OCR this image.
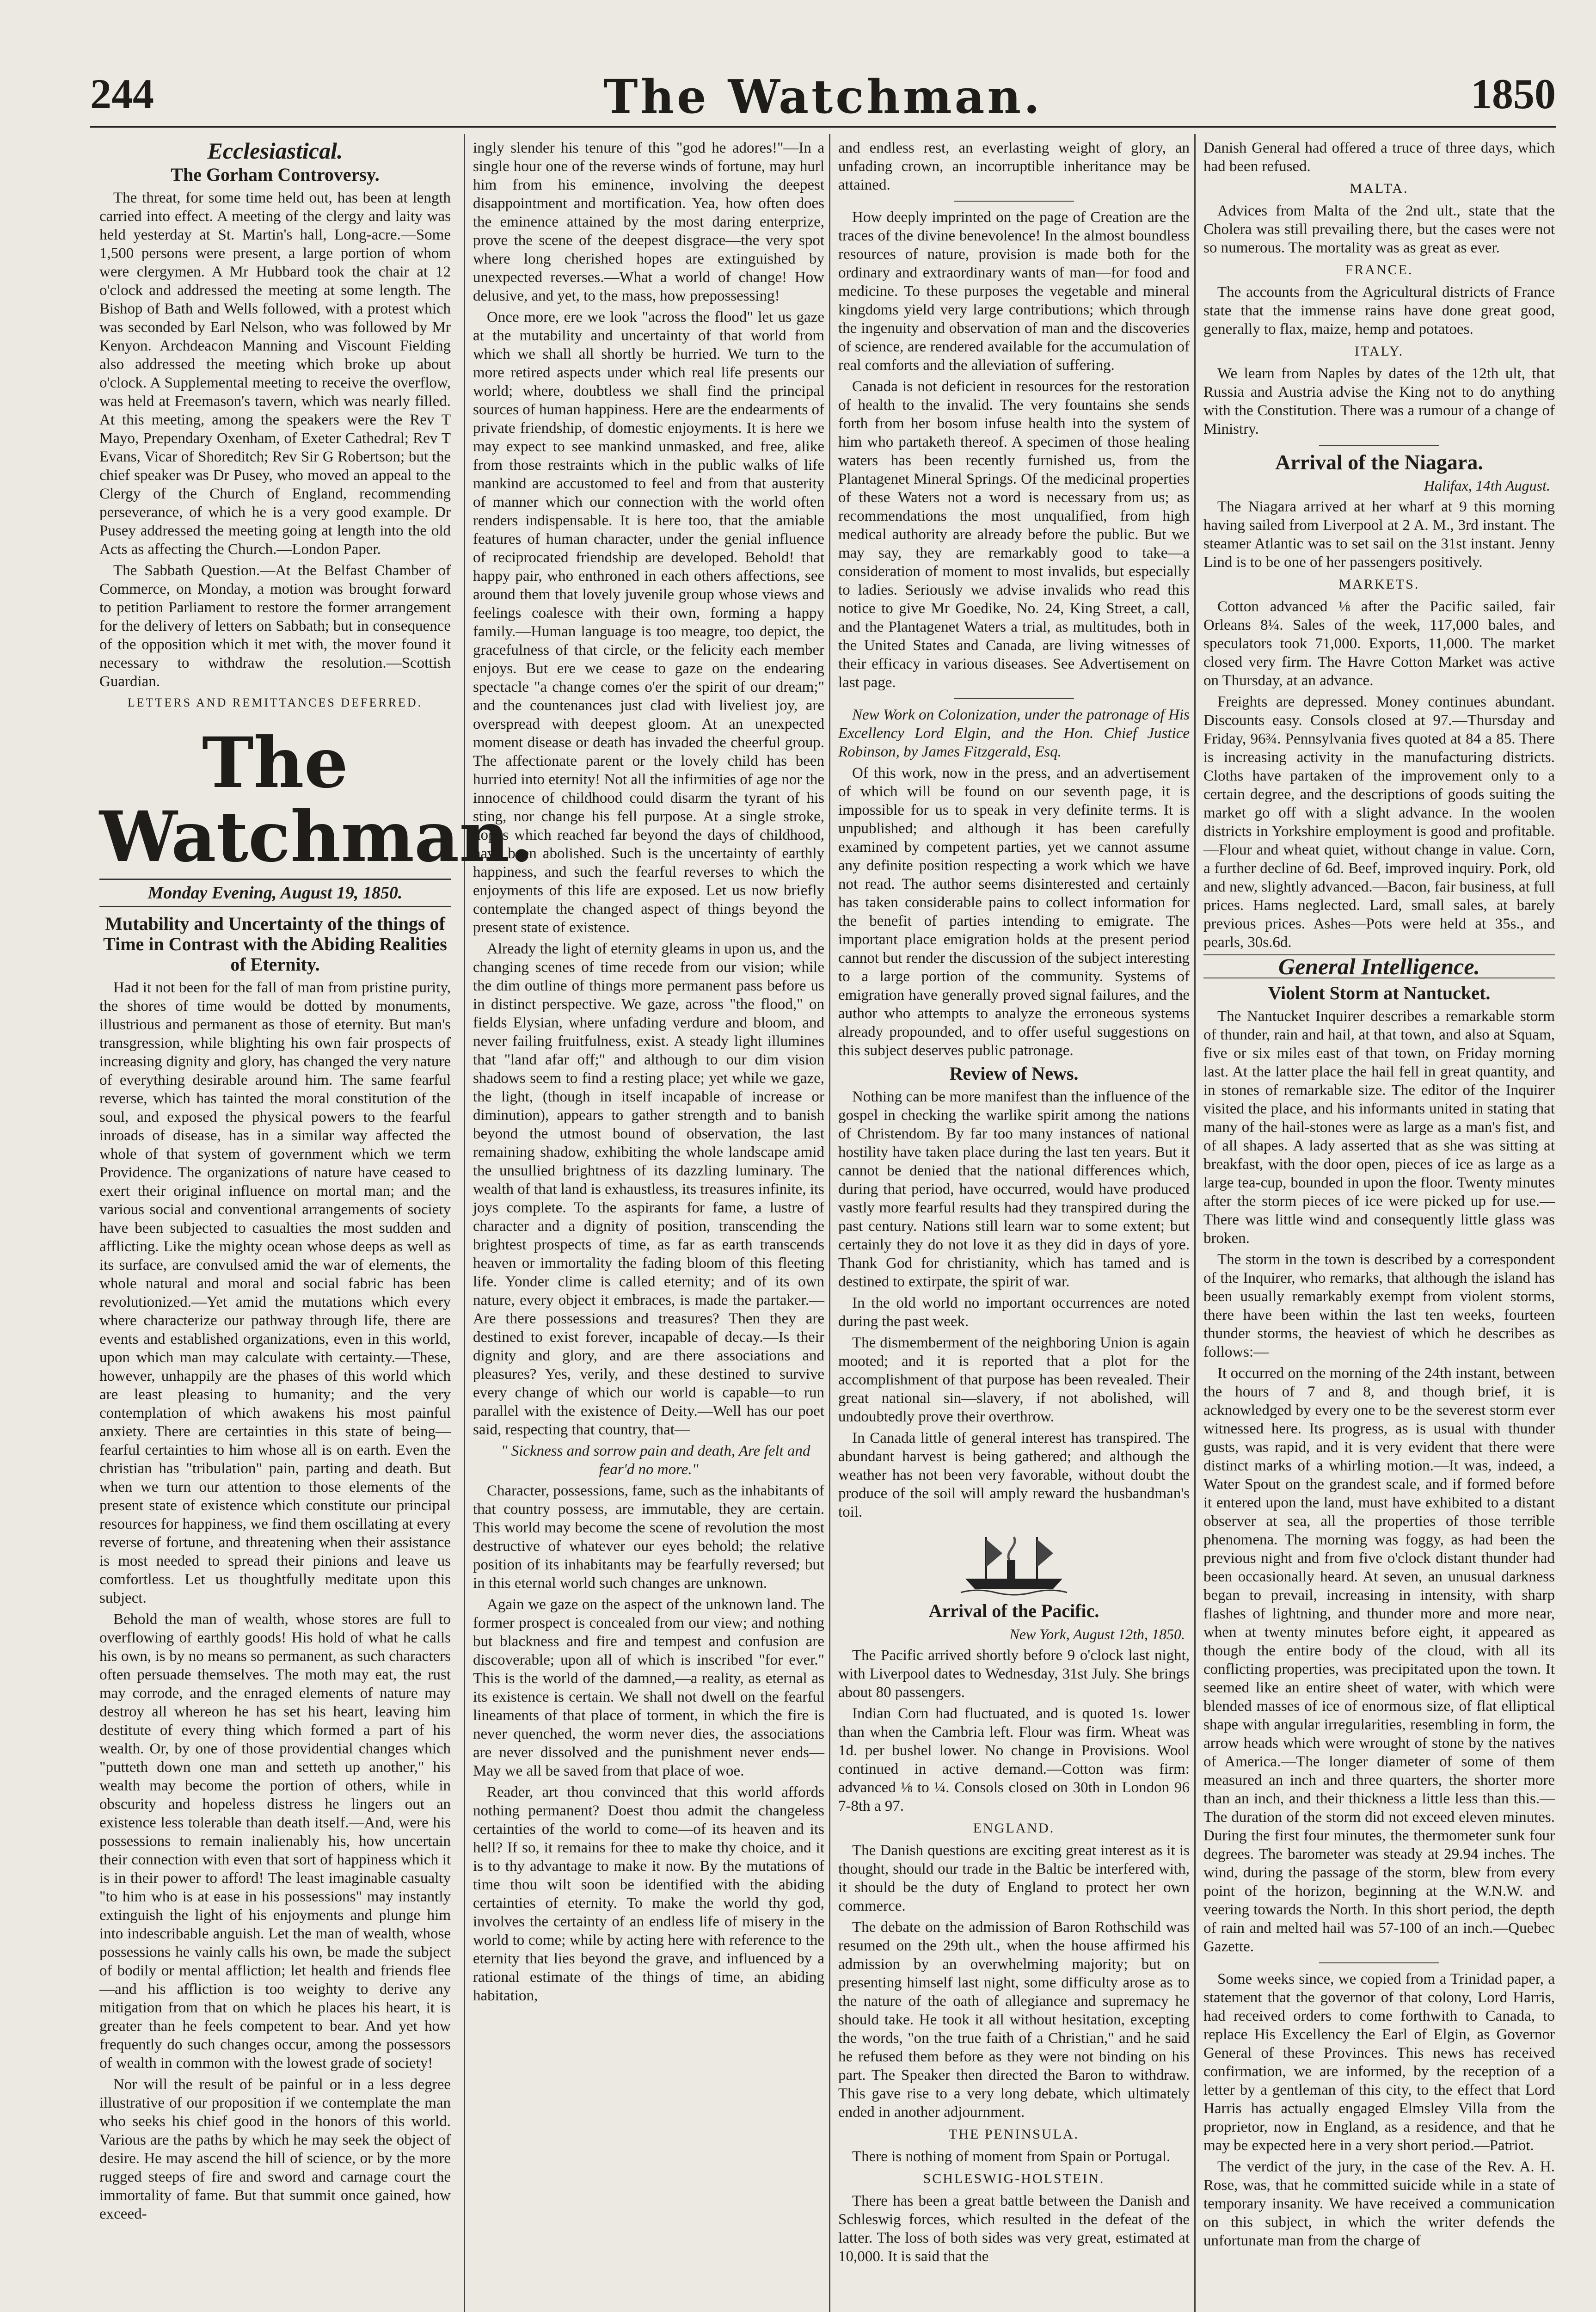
244	The Watchman.	1850
Ecclesiastical.
The Gorham Controversy.

The threat, for some time held out, has been at length carried into effect. A meeting of the clergy and laity was held yesterday at St. Martin's hall, Long-acre.—Some 1,500 persons were present, a large portion of whom were clergymen. A Mr Hubbard took the chair at 12 o'clock and addressed the meeting at some length. The Bishop of Bath and Wells followed, with a protest which was seconded by Earl Nelson, who was followed by Mr Kenyon. Archdeacon Manning and Viscount Fielding also addressed the meeting which broke up about o'clock. A Supplemental meeting to receive the overflow, was held at Freemason's tavern, which was nearly filled. At this meeting, among the speakers were the Rev T Mayo, Prependary Oxenham, of Exeter Cathedral; Rev T Evans, Vicar of Shoreditch; Rev Sir G Robertson; but the chief speaker was Dr Pusey, who moved an appeal to the Clergy of the Church of England, recommending perseverance, of which he is a very good example. Dr Pusey addressed the meeting going at length into the old Acts as affecting the Church.—London Paper.

The Sabbath Question.—At the Belfast Chamber of Commerce, on Monday, a motion was brought forward to petition Parliament to restore the former arrangement for the delivery of letters on Sabbath; but in consequence of the opposition which it met with, the mover found it necessary to withdraw the resolution.—Scottish Guardian.

LETTERS AND REMITTANCES DEFERRED.
The Watchman.
Monday Evening, August 19, 1850.
Mutability and Uncertainty of the things of Time in Contrast with the Abiding Realities of Eternity.

Had it not been for the fall of man from pristine purity, the shores of time would be dotted by monuments, illustrious and permanent as those of eternity. But man's transgression, while blighting his own fair prospects of increasing dignity and glory, has changed the very nature of everything desirable around him. The same fearful reverse, which has tainted the moral constitution of the soul, and exposed the physical powers to the fearful inroads of disease, has in a similar way affected the whole of that system of government which we term Providence. The organizations of nature have ceased to exert their original influence on mortal man; and the various social and conventional arrangements of society have been subjected to casualties the most sudden and afflicting. Like the mighty ocean whose deeps as well as its surface, are convulsed amid the war of elements, the whole natural and moral and social fabric has been revolutionized.—Yet amid the mutations which every where characterize our pathway through life, there are events and established organizations, even in this world, upon which man may calculate with certainty.—These, however, unhappily are the phases of this world which are least pleasing to humanity; and the very contemplation of which awakens his most painful anxiety. There are certainties in this state of being—fearful certainties to him whose all is on earth. Even the christian has "tribulation" pain, parting and death. But when we turn our attention to those elements of the present state of existence which constitute our principal resources for happiness, we find them oscillating at every reverse of fortune, and threatening when their assistance is most needed to spread their pinions and leave us comfortless. Let us thoughtfully meditate upon this subject.

Behold the man of wealth, whose stores are full to overflowing of earthly goods! His hold of what he calls his own, is by no means so permanent, as such characters often persuade themselves. The moth may eat, the rust may corrode, and the enraged elements of nature may destroy all whereon he has set his heart, leaving him destitute of every thing which formed a part of his wealth. Or, by one of those providential changes which "putteth down one man and setteth up another," his wealth may become the portion of others, while in obscurity and hopeless distress he lingers out an existence less tolerable than death itself.—And, were his possessions to remain inalienably his, how uncertain their connection with even that sort of happiness which it is in their power to afford! The least imaginable casualty "to him who is at ease in his possessions" may instantly extinguish the light of his enjoyments and plunge him into indescribable anguish. Let the man of wealth, whose possessions he vainly calls his own, be made the subject of bodily or mental affliction; let health and friends flee—and his affliction is too weighty to derive any mitigation from that on which he places his heart, it is greater than he feels competent to bear. And yet how frequently do such changes occur, among the possessors of wealth in common with the lowest grade of society!

Nor will the result of be painful or in a less degree illustrative of our proposition if we contemplate the man who seeks his chief good in the honors of this world. Various are the paths by which he may seek the object of desire. He may ascend the hill of science, or by the more rugged steeps of fire and sword and carnage court the immortality of fame. But that summit once gained, how exceed-

ingly slender his tenure of this "god he adores!"—In a single hour one of the reverse winds of fortune, may hurl him from his eminence, involving the deepest disappointment and mortification. Yea, how often does the eminence attained by the most daring enterprize, prove the scene of the deepest disgrace—the very spot where long cherished hopes are extinguished by unexpected reverses.—What a world of change! How delusive, and yet, to the mass, how prepossessing!

Once more, ere we look "across the flood" let us gaze at the mutability and uncertainty of that world from which we shall all shortly be hurried. We turn to the more retired aspects under which real life presents our world; where, doubtless we shall find the principal sources of human happiness. Here are the endearments of private friendship, of domestic enjoyments. It is here we may expect to see mankind unmasked, and free, alike from those restraints which in the public walks of life mankind are accustomed to feel and from that austerity of manner which our connection with the world often renders indispensable. It is here too, that the amiable features of human character, under the genial influence of reciprocated friendship are developed. Behold! that happy pair, who enthroned in each others affections, see around them that lovely juvenile group whose views and feelings coalesce with their own, forming a happy family.—Human language is too meagre, too depict, the gracefulness of that circle, or the felicity each member enjoys. But ere we cease to gaze on the endearing spectacle "a change comes o'er the spirit of our dream;" and the countenances just clad with liveliest joy, are overspread with deepest gloom. At an unexpected moment disease or death has invaded the cheerful group. The affectionate parent or the lovely child has been hurried into eternity! Not all the infirmities of age nor the innocence of childhood could disarm the tyrant of his sting, nor change his fell purpose. At a single stroke, hopes which reached far beyond the days of childhood, have been abolished. Such is the uncertainty of earthly happiness, and such the fearful reverses to which the enjoyments of this life are exposed. Let us now briefly contemplate the changed aspect of things beyond the present state of existence.

Already the light of eternity gleams in upon us, and the changing scenes of time recede from our vision; while the dim outline of things more permanent pass before us in distinct perspective. We gaze, across "the flood," on fields Elysian, where unfading verdure and bloom, and never failing fruitfulness, exist. A steady light illumines that "land afar off;" and although to our dim vision shadows seem to find a resting place; yet while we gaze, the light, (though in itself incapable of increase or diminution), appears to gather strength and to banish beyond the utmost bound of observation, the last remaining shadow, exhibiting the whole landscape amid the unsullied brightness of its dazzling luminary. The wealth of that land is exhaustless, its treasures infinite, its joys complete. To the aspirants for fame, a lustre of character and a dignity of position, transcending the brightest prospects of time, as far as earth transcends heaven or immortality the fading bloom of this fleeting life. Yonder clime is called eternity; and of its own nature, every object it embraces, is made the partaker.—Are there possessions and treasures? Then they are destined to exist forever, incapable of decay.—Is their dignity and glory, and are there associations and pleasures? Yes, verily, and these destined to survive every change of which our world is capable—to run parallel with the existence of Deity.—Well has our poet said, respecting that country, that—

" Sickness and sorrow pain and death, Are felt and fear'd no more."

Character, possessions, fame, such as the inhabitants of that country possess, are immutable, they are certain. This world may become the scene of revolution the most destructive of whatever our eyes behold; the relative position of its inhabitants may be fearfully reversed; but in this eternal world such changes are unknown.

Again we gaze on the aspect of the unknown land. The former prospect is concealed from our view; and nothing but blackness and fire and tempest and confusion are discoverable; upon all of which is inscribed "for ever." This is the world of the damned,—a reality, as eternal as its existence is certain. We shall not dwell on the fearful lineaments of that place of torment, in which the fire is never quenched, the worm never dies, the associations are never dissolved and the punishment never ends—May we all be saved from that place of woe.

Reader, art thou convinced that this world affords nothing permanent? Doest thou admit the changeless certainties of the world to come—of its heaven and its hell? If so, it remains for thee to make thy choice, and it is to thy advantage to make it now. By the mutations of time thou wilt soon be identified with the abiding certainties of eternity. To make the world thy god, involves the certainty of an endless life of misery in the world to come; while by acting here with reference to the eternity that lies beyond the grave, and influenced by a rational estimate of the things of time, an abiding habitation,

and endless rest, an everlasting weight of glory, an unfading crown, an incorruptible inheritance may be attained.

How deeply imprinted on the page of Creation are the traces of the divine benevolence! In the almost boundless resources of nature, provision is made both for the ordinary and extraordinary wants of man—for food and medicine. To these purposes the vegetable and mineral kingdoms yield very large contributions; which through the ingenuity and observation of man and the discoveries of science, are rendered available for the accumulation of real comforts and the alleviation of suffering.

Canada is not deficient in resources for the restoration of health to the invalid. The very fountains she sends forth from her bosom infuse health into the system of him who partaketh thereof. A specimen of those healing waters has been recently furnished us, from the Plantagenet Mineral Springs. Of the medicinal properties of these Waters not a word is necessary from us; as recommendations the most unqualified, from high medical authority are already before the public. But we may say, they are remarkably good to take—a consideration of moment to most invalids, but especially to ladies. Seriously we advise invalids who read this notice to give Mr Goedike, No. 24, King Street, a call, and the Plantagenet Waters a trial, as multitudes, both in the United States and Canada, are living witnesses of their efficacy in various diseases. See Advertisement on last page.

New Work on Colonization, under the patronage of His Excellency Lord Elgin, and the Hon. Chief Justice Robinson, by James Fitzgerald, Esq.

Of this work, now in the press, and an advertisement of which will be found on our seventh page, it is impossible for us to speak in very definite terms. It is unpublished; and although it has been carefully examined by competent parties, yet we cannot assume any definite position respecting a work which we have not read. The author seems disinterested and certainly has taken considerable pains to collect information for the benefit of parties intending to emigrate. The important place emigration holds at the present period cannot but render the discussion of the subject interesting to a large portion of the community. Systems of emigration have generally proved signal failures, and the author who attempts to analyze the erroneous systems already propounded, and to offer useful suggestions on this subject deserves public patronage.

Review of News.

Nothing can be more manifest than the influence of the gospel in checking the warlike spirit among the nations of Christendom. By far too many instances of national hostility have taken place during the last ten years. But it cannot be denied that the national differences which, during that period, have occurred, would have produced vastly more fearful results had they transpired during the past century. Nations still learn war to some extent; but certainly they do not love it as they did in days of yore. Thank God for christianity, which has tamed and is destined to extirpate, the spirit of war.

In the old world no important occurrences are noted during the past week.

The dismemberment of the neighboring Union is again mooted; and it is reported that a plot for the accomplishment of that purpose has been revealed. Their great national sin—slavery, if not abolished, will undoubtedly prove their overthrow.

In Canada little of general interest has transpired. The abundant harvest is being gathered; and although the weather has not been very favorable, without doubt the produce of the soil will amply reward the husbandman's toil.

Arrival of the Pacific.
New York, August 12th, 1850.

The Pacific arrived shortly before 9 o'clock last night, with Liverpool dates to Wednesday, 31st July. She brings about 80 passengers.

Indian Corn had fluctuated, and is quoted 1s. lower than when the Cambria left. Flour was firm. Wheat was 1d. per bushel lower. No change in Provisions. Wool continued in active demand.—Cotton was firm: advanced ⅛ to ¼. Consols closed on 30th in London 96 7-8th a 97.

ENGLAND.

The Danish questions are exciting great interest as it is thought, should our trade in the Baltic be interfered with, it should be the duty of England to protect her own commerce.

The debate on the admission of Baron Rothschild was resumed on the 29th ult., when the house affirmed his admission by an overwhelming majority; but on presenting himself last night, some difficulty arose as to the nature of the oath of allegiance and supremacy he should take. He took it all without hesitation, excepting the words, "on the true faith of a Christian," and he said he refused them before as they were not binding on his part. The Speaker then directed the Baron to withdraw. This gave rise to a very long debate, which ultimately ended in another adjournment.

THE PENINSULA.

There is nothing of moment from Spain or Portugal.

SCHLESWIG-HOLSTEIN.

There has been a great battle between the Danish and Schleswig forces, which resulted in the defeat of the latter. The loss of both sides was very great, estimated at 10,000. It is said that the

Danish General had offered a truce of three days, which had been refused.

MALTA.

Advices from Malta of the 2nd ult., state that the Cholera was still prevailing there, but the cases were not so numerous. The mortality was as great as ever.

FRANCE.

The accounts from the Agricultural districts of France state that the immense rains have done great good, generally to flax, maize, hemp and potatoes.

ITALY.

We learn from Naples by dates of the 12th ult, that Russia and Austria advise the King not to do anything with the Constitution. There was a rumour of a change of Ministry.

Arrival of the Niagara.
Halifax, 14th August.

The Niagara arrived at her wharf at 9 this morning having sailed from Liverpool at 2 A. M., 3rd instant. The steamer Atlantic was to set sail on the 31st instant. Jenny Lind is to be one of her passengers positively.

MARKETS.

Cotton advanced ⅛ after the Pacific sailed, fair Orleans 8¼. Sales of the week, 117,000 bales, and speculators took 71,000. Exports, 11,000. The market closed very firm. The Havre Cotton Market was active on Thursday, at an advance.

Freights are depressed. Money continues abundant. Discounts easy. Consols closed at 97.—Thursday and Friday, 96¾. Pennsylvania fives quoted at 84 a 85. There is increasing activity in the manufacturing districts. Cloths have partaken of the improvement only to a certain degree, and the descriptions of goods suiting the market go off with a slight advance. In the woolen districts in Yorkshire employment is good and profitable.—Flour and wheat quiet, without change in value. Corn, a further decline of 6d. Beef, improved inquiry. Pork, old and new, slightly advanced.—Bacon, fair business, at full prices. Hams neglected. Lard, small sales, at barely previous prices. Ashes—Pots were held at 35s., and pearls, 30s.6d.

General Intelligence.
Violent Storm at Nantucket.

The Nantucket Inquirer describes a remarkable storm of thunder, rain and hail, at that town, and also at Squam, five or six miles east of that town, on Friday morning last. At the latter place the hail fell in great quantity, and in stones of remarkable size. The editor of the Inquirer visited the place, and his informants united in stating that many of the hail-stones were as large as a man's fist, and of all shapes. A lady asserted that as she was sitting at breakfast, with the door open, pieces of ice as large as a large tea-cup, bounded in upon the floor. Twenty minutes after the storm pieces of ice were picked up for use.—There was little wind and consequently little glass was broken.

The storm in the town is described by a correspondent of the Inquirer, who remarks, that although the island has been usually remarkably exempt from violent storms, there have been within the last ten weeks, fourteen thunder storms, the heaviest of which he describes as follows:—

It occurred on the morning of the 24th instant, between the hours of 7 and 8, and though brief, it is acknowledged by every one to be the severest storm ever witnessed here. Its progress, as is usual with thunder gusts, was rapid, and it is very evident that there were distinct marks of a whirling motion.—It was, indeed, a Water Spout on the grandest scale, and if formed before it entered upon the land, must have exhibited to a distant observer at sea, all the properties of those terrible phenomena. The morning was foggy, as had been the previous night and from five o'clock distant thunder had been occasionally heard. At seven, an unusual darkness began to prevail, increasing in intensity, with sharp flashes of lightning, and thunder more and more near, when at twenty minutes before eight, it appeared as though the entire body of the cloud, with all its conflicting properties, was precipitated upon the town. It seemed like an entire sheet of water, with which were blended masses of ice of enormous size, of flat elliptical shape with angular irregularities, resembling in form, the arrow heads which were wrought of stone by the natives of America.—The longer diameter of some of them measured an inch and three quarters, the shorter more than an inch, and their thickness a little less than this.—The duration of the storm did not exceed eleven minutes. During the first four minutes, the thermometer sunk four degrees. The barometer was steady at 29.94 inches. The wind, during the passage of the storm, blew from every point of the horizon, beginning at the W.N.W. and veering towards the North. In this short period, the depth of rain and melted hail was 57-100 of an inch.—Quebec Gazette.

Some weeks since, we copied from a Trinidad paper, a statement that the governor of that colony, Lord Harris, had received orders to come forthwith to Canada, to replace His Excellency the Earl of Elgin, as Governor General of these Provinces. This news has received confirmation, we are informed, by the reception of a letter by a gentleman of this city, to the effect that Lord Harris has actually engaged Elmsley Villa from the proprietor, now in England, as a residence, and that he may be expected here in a very short period.—Patriot.

The verdict of the jury, in the case of the Rev. A. H. Rose, was, that he committed suicide while in a state of temporary insanity. We have received a communication on this subject, in which the writer defends the unfortunate man from the charge of
